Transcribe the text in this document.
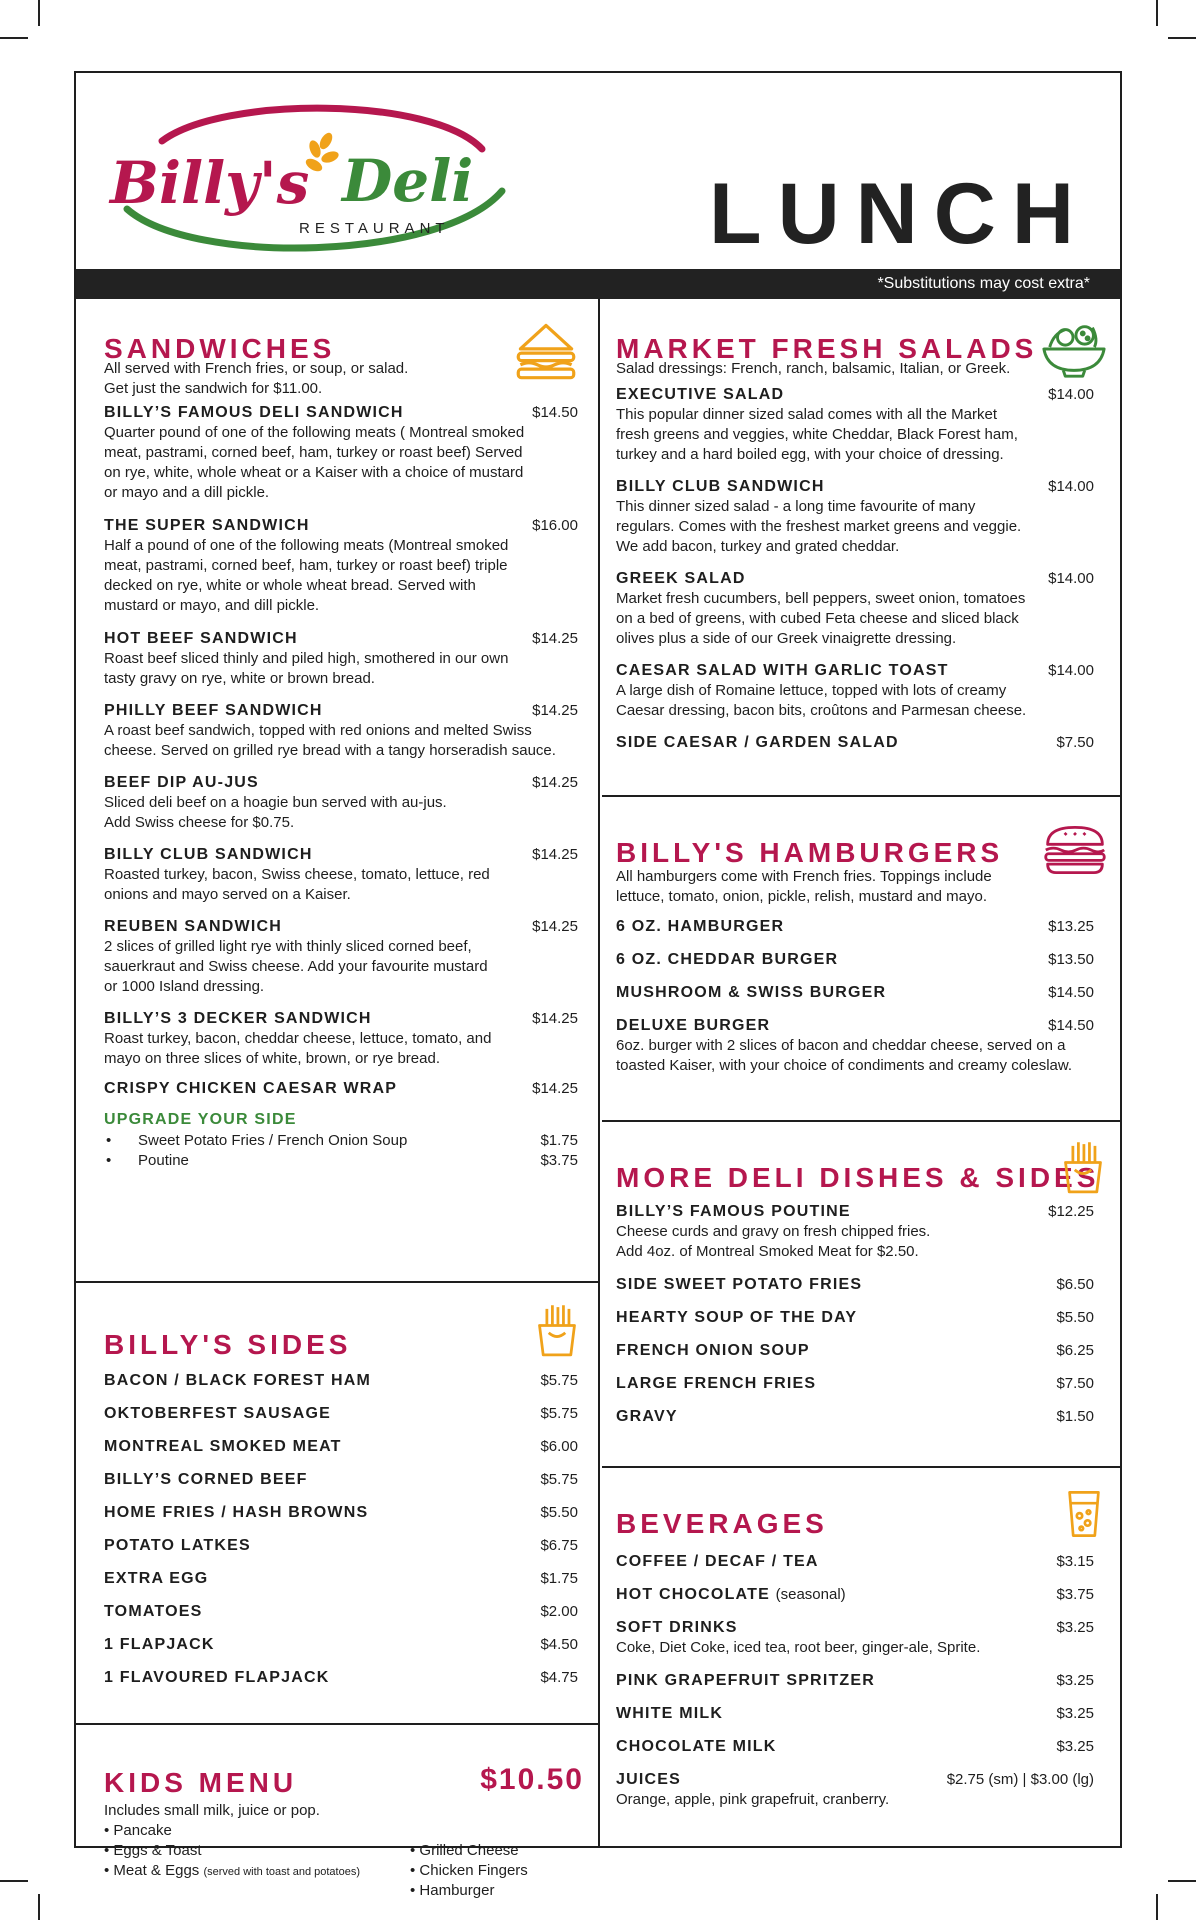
Billy's Deli
RESTAURANT	LUNCH
*Substitutions may cost extra*
SANDWICHES
All served with French fries, or soup, or salad.
Get just the sandwich for $11.00.
BILLY’S FAMOUS DELI SANDWICH	$14.50
Quarter pound of one of the following meats ( Montreal smoked
meat, pastrami, corned beef, ham, turkey or roast beef) Served
on rye, white, whole wheat or a Kaiser with a choice of mustard
or mayo and a dill pickle.
THE SUPER SANDWICH	$16.00
Half a pound of one of the following meats (Montreal smoked
meat, pastrami, corned beef, ham, turkey or roast beef) triple
decked on rye, white or whole wheat bread. Served with
mustard or mayo, and dill pickle.
HOT BEEF SANDWICH	$14.25
Roast beef sliced thinly and piled high, smothered in our own
tasty gravy on rye, white or brown bread.
PHILLY BEEF SANDWICH	$14.25
A roast beef sandwich, topped with red onions and melted Swiss
cheese. Served on grilled rye bread with a tangy horseradish sauce.
BEEF DIP AU-JUS	$14.25
Sliced deli beef on a hoagie bun served with au-jus.
Add Swiss cheese for $0.75.
BILLY CLUB SANDWICH	$14.25
Roasted turkey, bacon, Swiss cheese, tomato, lettuce, red
onions and mayo served on a Kaiser.
REUBEN SANDWICH	$14.25
2 slices of grilled light rye with thinly sliced corned beef,
sauerkraut and Swiss cheese. Add your favourite mustard
or 1000 Island dressing.
BILLY’S 3 DECKER SANDWICH	$14.25
Roast turkey, bacon, cheddar cheese, lettuce, tomato, and
mayo on three slices of white, brown, or rye bread.
CRISPY CHICKEN CAESAR WRAP	$14.25
UPGRADE YOUR SIDE
• Sweet Potato Fries / French Onion Soup	$1.75
• Poutine	$3.75
BILLY'S SIDES
BACON / BLACK FOREST HAM	$5.75
OKTOBERFEST SAUSAGE	$5.75
MONTREAL SMOKED MEAT	$6.00
BILLY’S CORNED BEEF	$5.75
HOME FRIES / HASH BROWNS	$5.50
POTATO LATKES	$6.75
EXTRA EGG	$1.75
TOMATOES	$2.00
1 FLAPJACK	$4.50
1 FLAVOURED FLAPJACK	$4.75
KIDS MENU	$10.50
Includes small milk, juice or pop.
• Pancake
• Eggs & Toast
• Meat & Eggs (served with toast and potatoes)
• Grilled Cheese
• Chicken Fingers
• Hamburger
MARKET FRESH SALADS
Salad dressings: French, ranch, balsamic, Italian, or Greek.
EXECUTIVE SALAD	$14.00
This popular dinner sized salad comes with all the Market
fresh greens and veggies, white Cheddar, Black Forest ham,
turkey and a hard boiled egg, with your choice of dressing.
BILLY CLUB SANDWICH	$14.00
This dinner sized salad - a long time favourite of many
regulars. Comes with the freshest market greens and veggie.
We add bacon, turkey and grated cheddar.
GREEK SALAD	$14.00
Market fresh cucumbers, bell peppers, sweet onion, tomatoes
on a bed of greens, with cubed Feta cheese and sliced black
olives plus a side of our Greek vinaigrette dressing.
CAESAR SALAD WITH GARLIC TOAST	$14.00
A large dish of Romaine lettuce, topped with lots of creamy
Caesar dressing, bacon bits, croûtons and Parmesan cheese.
SIDE CAESAR / GARDEN SALAD	$7.50
BILLY'S HAMBURGERS
All hamburgers come with French fries. Toppings include
lettuce, tomato, onion, pickle, relish, mustard and mayo.
6 OZ. HAMBURGER	$13.25
6 OZ. CHEDDAR BURGER	$13.50
MUSHROOM & SWISS BURGER	$14.50
DELUXE BURGER	$14.50
6oz. burger with 2 slices of bacon and cheddar cheese, served on a
toasted Kaiser, with your choice of condiments and creamy coleslaw.
MORE DELI DISHES & SIDES
BILLY’S FAMOUS POUTINE	$12.25
Cheese curds and gravy on fresh chipped fries.
Add 4oz. of Montreal Smoked Meat for $2.50.
SIDE SWEET POTATO FRIES	$6.50
HEARTY SOUP OF THE DAY	$5.50
FRENCH ONION SOUP	$6.25
LARGE FRENCH FRIES	$7.50
GRAVY	$1.50
BEVERAGES
COFFEE / DECAF / TEA	$3.15
HOT CHOCOLATE (seasonal)	$3.75
SOFT DRINKS	$3.25
Coke, Diet Coke, iced tea, root beer, ginger-ale, Sprite.
PINK GRAPEFRUIT SPRITZER	$3.25
WHITE MILK	$3.25
CHOCOLATE MILK	$3.25
JUICES	$2.75 (sm) | $3.00 (lg)
Orange, apple, pink grapefruit, cranberry.
